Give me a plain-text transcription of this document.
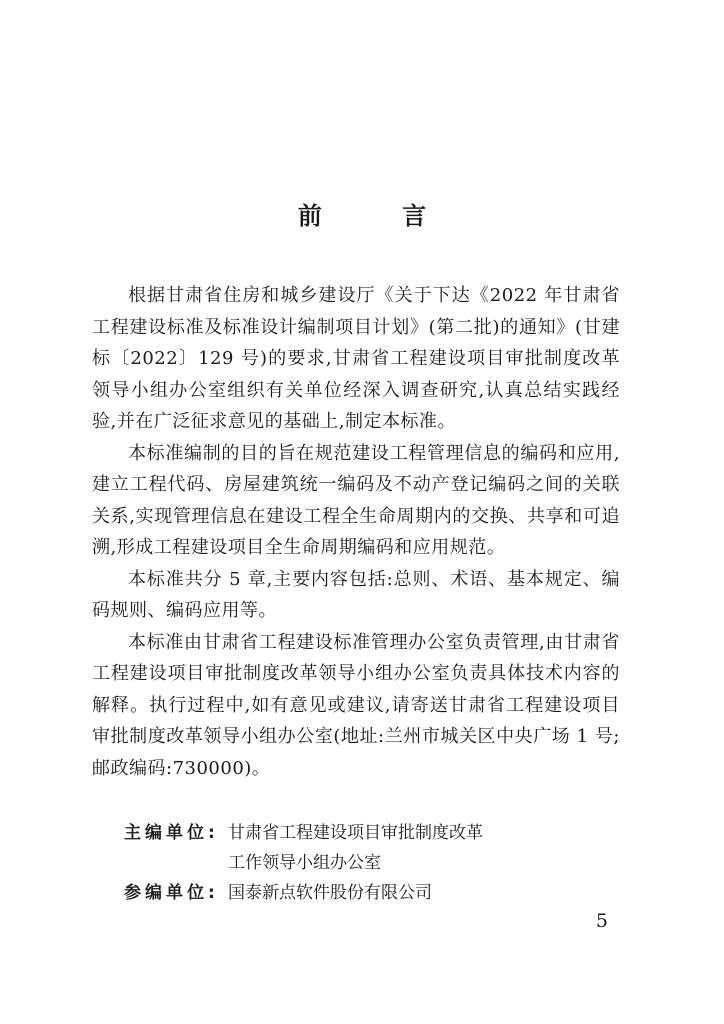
前 言

根据甘肃省住房和城乡建设厅《关于下达《2022 年甘肃省工程建设标准及标准设计编制项目计划》(第二批)的通知》(甘建标〔2022〕129 号)的要求,甘肃省工程建设项目审批制度改革领导小组办公室组织有关单位经深入调查研究,认真总结实践经验,并在广泛征求意见的基础上,制定本标准。

本标准编制的目的旨在规范建设工程管理信息的编码和应用,建立工程代码、房屋建筑统一编码及不动产登记编码之间的关联关系,实现管理信息在建设工程全生命周期内的交换、共享和可追溯,形成工程建设项目全生命周期编码和应用规范。

本标准共分 5 章,主要内容包括:总则、术语、基本规定、编码规则、编码应用等。

本标准由甘肃省工程建设标准管理办公室负责管理,由甘肃省工程建设项目审批制度改革领导小组办公室负责具体技术内容的解释。执行过程中,如有意见或建议,请寄送甘肃省工程建设项目审批制度改革领导小组办公室(地址:兰州市城关区中央广场 1 号;邮政编码:730000)。

主编单位: 甘肃省工程建设项目审批制度改革
工作领导小组办公室
参编单位: 国泰新点软件股份有限公司
5
